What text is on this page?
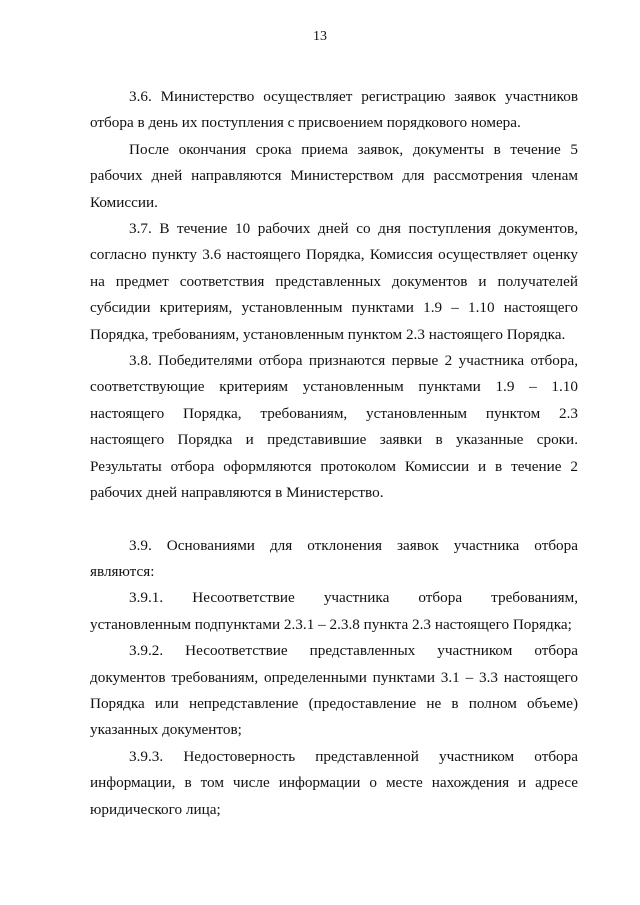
13

3.6. Министерство осуществляет регистрацию заявок участников отбора в день их поступления с присвоением порядкового номера.

После окончания срока приема заявок, документы в течение 5 рабочих дней направляются Министерством для рассмотрения членам Комиссии.

3.7. В течение 10 рабочих дней со дня поступления документов, согласно пункту 3.6 настоящего Порядка, Комиссия осуществляет оценку на предмет соответствия представленных документов и получателей субсидии критериям, установленным пунктами 1.9 – 1.10 настоящего Порядка, требованиям, установленным пунктом 2.3 настоящего Порядка.

3.8. Победителями отбора признаются первые 2 участника отбора, соответствующие критериям установленным пунктами 1.9 – 1.10 настоящего Порядка, требованиям, установленным пунктом 2.3 настоящего Порядка и представившие заявки в указанные сроки. Результаты отбора оформляются протоколом Комиссии и в течение 2 рабочих дней направляются в Министерство.

3.9. Основаниями для отклонения заявок участника отбора являются:

3.9.1. Несоответствие участника отбора требованиям, установленным подпунктами 2.3.1 – 2.3.8 пункта 2.3 настоящего Порядка;

3.9.2. Несоответствие представленных участником отбора документов требованиям, определенными пунктами 3.1 – 3.3 настоящего Порядка или непредставление (предоставление не в полном объеме) указанных документов;

3.9.3. Недостоверность представленной участником отбора информации, в том числе информации о месте нахождения и адресе юридического лица;
